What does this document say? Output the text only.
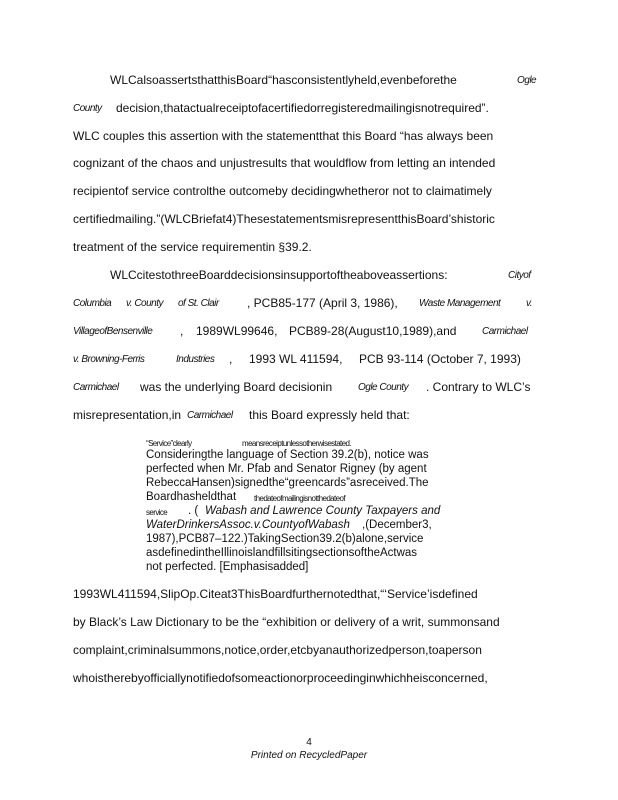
WLCalsoassertsthatthisBoard“hasconsistentlyheld,evenbeforethe	Ogle
County decision,thatactualreceiptofacertifiedorregisteredmailingisnotrequired”.
WLC couples this assertion with the statementthat this Board “has always been
cognizant of the chaos and unjustresults that wouldflow from letting an intended
recipientof service controlthe outcomeby decidingwhetheror not to claimatimely
certifiedmailing.”(WLCBriefat4)ThesestatementsmisrepresentthisBoard’shistoric
treatment of the service requirementin §39.2.
WLCcitestothreeBoarddecisionsinsupportoftheaboveassertions:	Cityof
Columbia v. County of St. Clair , PCB85-177 (April 3, 1986), Waste Management	v.
VillageofBensenville , 1989WL99646, PCB89-28(August10,1989),and	Carmichael
v. Browning-Ferris	Industries , 1993 WL 411594, PCB 93-114 (October 7, 1993)
Carmichael was the underlying Board decisionin	Ogle County . Contrary to WLC’s
misrepresentation,in Carmichael this Board expressly held that:
“Service”clearly	meansreceiptunlessotherwisestated.
Consideringthe language of Section 39.2(b), notice was
perfected when Mr. Pfab and Senator Rigney (by agent
RebeccaHansen)signedthe“greencards”asreceived.The
Boardhasheldthat thedateofmailingisnotthedateof
service . ( Wabash and Lawrence County Taxpayers and
WaterDrinkersAssoc.v.CountyofWabash ,(December3,
1987),PCB87–122.)TakingSection39.2(b)alone,service
asdefinedintheIllinoislandfillsitingsectionsoftheActwas
not perfected. [Emphasisadded]
1993WL411594,SlipOp.Citeat3ThisBoardfurthernotedthat,“‘Service’isdefined
by Black’s Law Dictionary to be the “exhibition or delivery of a writ, summonsand
complaint,criminalsummons,notice,order,etcbyanauthorizedperson,toaperson
whoistherebyofficiallynotifiedofsomeactionorproceedinginwhichheisconcerned,
4
Printed on RecycledPaper
